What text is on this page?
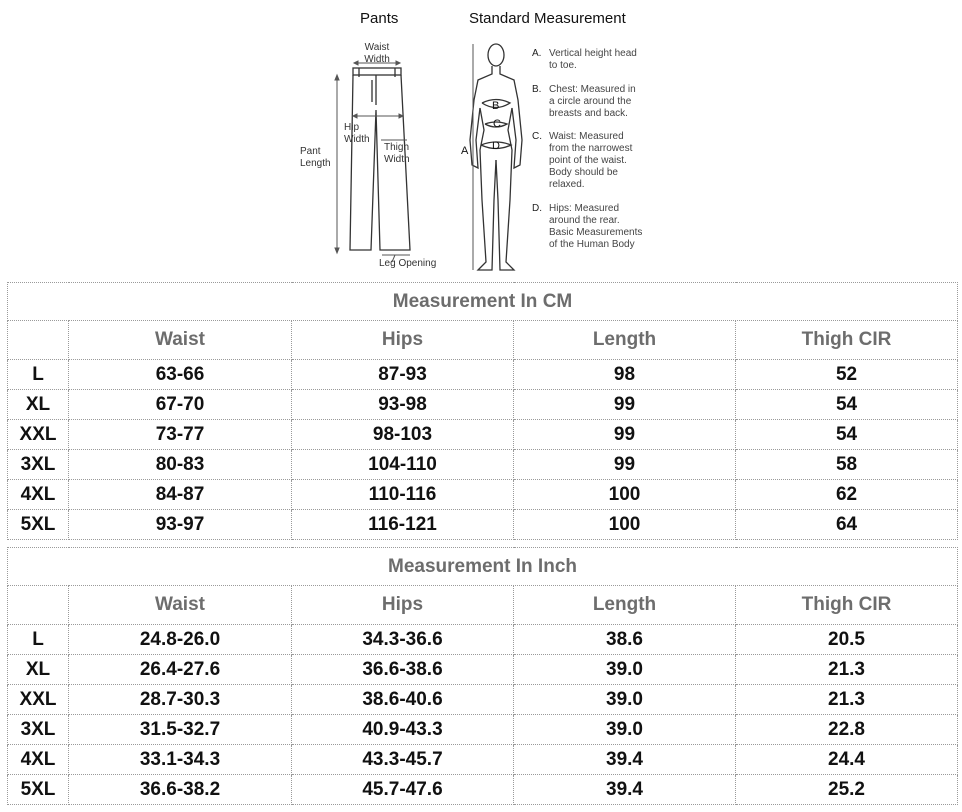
Pants	Standard Measurement
Waist
Width
Hip
Width
Pant
Length
Thigh
Width
Leg Opening
A
B
C
D
A. Vertical height head
to toe.
B. Chest: Measured in
a circle around the
breasts and back.
C. Waist: Measured
from the narrowest
point of the waist.
Body should be
relaxed.
D. Hips: Measured
around the rear.
Basic Measurements
of the Human Body
Measurement In CM				
	Waist	Hips	Length	Thigh CIR
L	63-66	87-93	98	52
XL	67-70	93-98	99	54
XXL	73-77	98-103	99	54
3XL	80-83	104-110	99	58
4XL	84-87	110-116	100	62
5XL	93-97	116-121	100	64
Measurement In Inch				
	Waist	Hips	Length	Thigh CIR
L	24.8-26.0	34.3-36.6	38.6	20.5
XL	26.4-27.6	36.6-38.6	39.0	21.3
XXL	28.7-30.3	38.6-40.6	39.0	21.3
3XL	31.5-32.7	40.9-43.3	39.0	22.8
4XL	33.1-34.3	43.3-45.7	39.4	24.4
5XL	36.6-38.2	45.7-47.6	39.4	25.2
